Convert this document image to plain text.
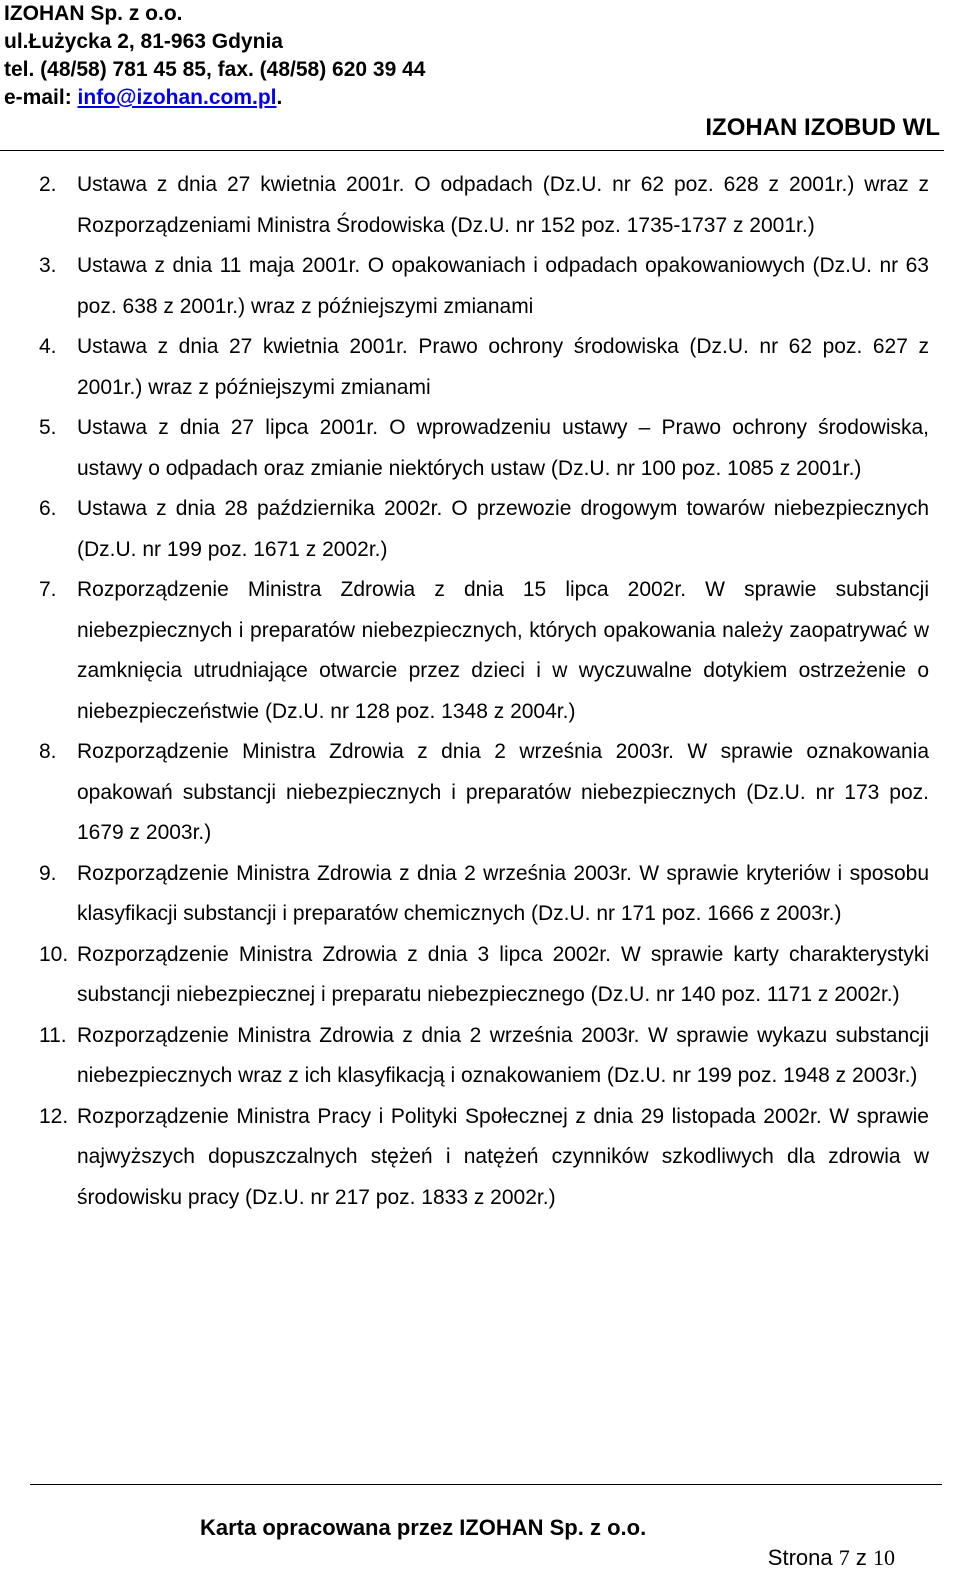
IZOHAN Sp. z o.o.
ul.Łużycka 2, 81-963 Gdynia
tel. (48/58) 781 45 85, fax. (48/58) 620 39 44
e-mail: info@izohan.com.pl.
IZOHAN IZOBUD WL
2. Ustawa z dnia 27 kwietnia 2001r. O odpadach (Dz.U. nr 62 poz. 628 z 2001r.) wraz z Rozporządzeniami Ministra Środowiska (Dz.U. nr 152 poz. 1735-1737 z 2001r.)
3. Ustawa z dnia 11 maja 2001r. O opakowaniach i odpadach opakowaniowych (Dz.U. nr 63 poz. 638 z 2001r.) wraz z późniejszymi zmianami
4. Ustawa z dnia 27 kwietnia 2001r. Prawo ochrony środowiska (Dz.U. nr 62 poz. 627 z 2001r.) wraz z późniejszymi zmianami
5. Ustawa z dnia 27 lipca 2001r. O wprowadzeniu ustawy – Prawo ochrony środowiska, ustawy o odpadach oraz zmianie niektórych ustaw (Dz.U. nr 100 poz. 1085 z 2001r.)
6. Ustawa z dnia 28 października 2002r. O przewozie drogowym towarów niebezpiecznych (Dz.U. nr 199 poz. 1671 z 2002r.)
7. Rozporządzenie Ministra Zdrowia z dnia 15 lipca 2002r. W sprawie substancji niebezpiecznych i preparatów niebezpiecznych, których opakowania należy zaopatrywać w zamknięcia utrudniające otwarcie przez dzieci i w wyczuwalne dotykiem ostrzeżenie o niebezpieczeństwie (Dz.U. nr 128 poz. 1348 z 2004r.)
8. Rozporządzenie Ministra Zdrowia z dnia 2 września 2003r. W sprawie oznakowania opakowań substancji niebezpiecznych i preparatów niebezpiecznych (Dz.U. nr 173 poz. 1679 z 2003r.)
9. Rozporządzenie Ministra Zdrowia z dnia 2 września 2003r. W sprawie kryteriów i sposobu klasyfikacji substancji i preparatów chemicznych (Dz.U. nr 171 poz. 1666 z 2003r.)
10. Rozporządzenie Ministra Zdrowia z dnia 3 lipca 2002r. W sprawie karty charakterystyki substancji niebezpiecznej i preparatu niebezpiecznego (Dz.U. nr 140 poz. 1171 z 2002r.)
11. Rozporządzenie Ministra Zdrowia z dnia 2 września 2003r. W sprawie wykazu substancji niebezpiecznych wraz z ich klasyfikacją i oznakowaniem (Dz.U. nr 199 poz. 1948 z 2003r.)
12. Rozporządzenie Ministra Pracy i Polityki Społecznej z dnia 29 listopada 2002r. W sprawie najwyższych dopuszczalnych stężeń i natężeń czynników szkodliwych dla zdrowia w środowisku pracy (Dz.U. nr 217 poz. 1833 z 2002r.)
Karta opracowana przez IZOHAN Sp. z o.o.
Strona 7 z 10
